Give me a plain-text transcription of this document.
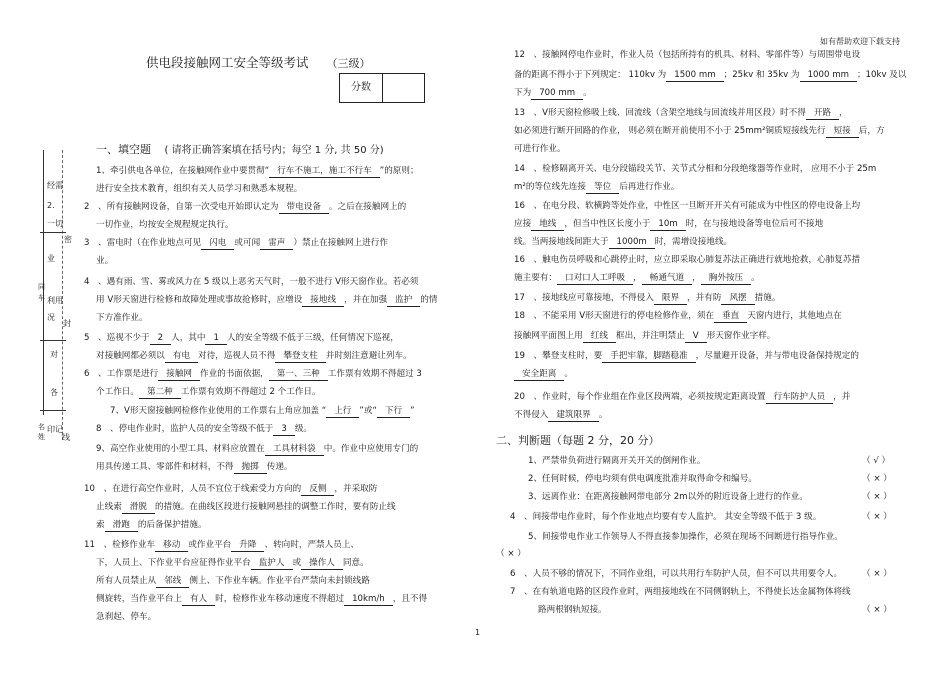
如有帮助欢迎下载支持
1
经需
2.
一切
密
业
同
车 利用
封
况
对
各
名
姓
印记
线
供电段接触网工安全等级考试 （三级）
分数
一、填空题 ( 请将正确答案填在括号内；每空 1 分, 共 50 分)
1、牵引供电各单位，在接触网作业中要贯彻“ 行车不施工，施工不行车 ”的原则；
进行安全技术教育，组织有关人员学习和熟悉本规程。
2　、所有接触网设备，自第一次受电开始即认定为 带电设备 。之后在接触网上的
一切作业，均按安全规程规定执行。
3　、雷电时（在作业地点可见 闪电 或可闻 雷声 ）禁止在接触网上进行作
业。
4　、遇有雨、雪、雾或风力在 5 级以上恶劣天气时，一般不进行 V形天窗作业。若必须
用 V形天窗进行检修和故障处理或事故抢修时，应增设 接地线 ，并在加强 监护 的情
下方准作业。
5　、巡视不少于 2 人，其中 1 人的安全等级不低于三级，任何情况下巡视，
对接触网都必须以 有电 对待，巡视人员不得 攀登支柱 并时刻注意避让列车。
6　、工作票是进行 接触网 作业的书面依据， 第一、三种 工作票有效期不得超过 3
个工作日。 第二种 工作票有效期不得超过 2 个工作日。
7、V形天窗接触网检修作业使用的工作票右上角应加盖 “ 上行 ”或“ 下行 ”
8　、停电作业时，监护人员的安全等级不低于 3 级。
9、高空作业使用的小型工具、材料应放置在 工具材料袋 中。作业中应使用专门的
用具传递工具、零部件和材料，不得 抛掷 传递。
10　、在进行高空作业时，人员不宜位于线索受力方向的 反侧 ，并采取防
止线索 滑脱 的措施。在曲线区段进行接触网悬挂的调整工作时，要有防止线
索 滑跑 的后备保护措施。
11　、检修作业车 移动 或作业平台 升降 、转向时，严禁人员上、
下，人员上、下作业平台应征得作业平台 监护人 或 操作人 同意。
所有人员禁止从 邻线 侧上、下作业车辆。作业平台严禁向未封锁线路
侧旋转，当作业平台上 有人 时，检修作业车移动速度不得超过 10km/h ，且不得
急刹起、停车。
12　、接触网停电作业时，作业人员（包括所持有的机具、材料、零部件等）与周围带电设
备的距离不得小于下列规定： 110kv 为 1500 mm ；25kv 和 35kv 为 1000 mm ；10kv 及以
下为 700 mm 。
13　、V形天窗检修吸上线、回流线（含架空地线与回流线并用区段）时不得 开路 ，
如必须进行断开回路的作业， 则必须在断开前使用不小于 25mm²铜质短接线先行 短接 后，方
可进行作业。
14　、检修隔离开关、电分段锚段关节、关节式分相和分段绝缘器等作业时， 应用不小于 25m
m²的等位线先连接 等位 后再进行作业。
16　、在电分段、软横跨等处作业，中性区一旦断开开关有可能成为中性区的停电设备上均
应接 地线 ，但当中性区长度小于 10m 时，在与接地设备等电位后可不接地
线。当两接地线间距大于 1000m 时，需增设接地线。
16　、触电伤员呼吸和心跳停止时，应立即采取心肺复苏法正确进行就地抢救，心肺复苏措
施主要有： 口对口人工呼吸 ， 畅通气道 ， 胸外按压 。
17　、接地线应可靠接地，不得侵入 限界 ，并有防 风摆 措施。
18　、不能采用 V形天窗进行的停电检修作业，须在 垂直 天窗内进行，其他地点在
接触网平面图上用 红线 框出，并注明禁止 V 形天窗作业字样。
19　、攀登支柱时，要 手把牢靠，脚踏稳准 ，尽量避开设备，并与带电设备保持规定的
安全距离 。
20　、作业时，每个作业组在作业区段两端，必须按规定距离设置 行车防护人员 ，并
不得侵入 建筑限界 。
二、判断题（每题 2 分，20 分）
1、严禁带负荷进行隔离开关开关的倒闸作业。	（ √ ）
2、任何时候，停电均须有供电调度批准并取得命令和编号。	（ × ）
3、远离作业：在距离接触网带电部分 2m以外的附近设备上进行的作业。	（ × ）
4　、间接带电作业时，每个作业地点均要有专人监护。 其安全等级不低于 3 级。	（ × ）
5、间接带电作业工作领导人不得直接参加操作，必须在现场不间断进行指导作业。
（ × ）
6　、人员不够的情况下，不同作业组，可以共用行车防护人员，但不可以共用要令人。 （ × ）
7　、在有轨道电路的区段作业时，两组接地线在不同侧钢轨上，不得使长达金属物体将线
路两根钢轨短接。	（ × ）
